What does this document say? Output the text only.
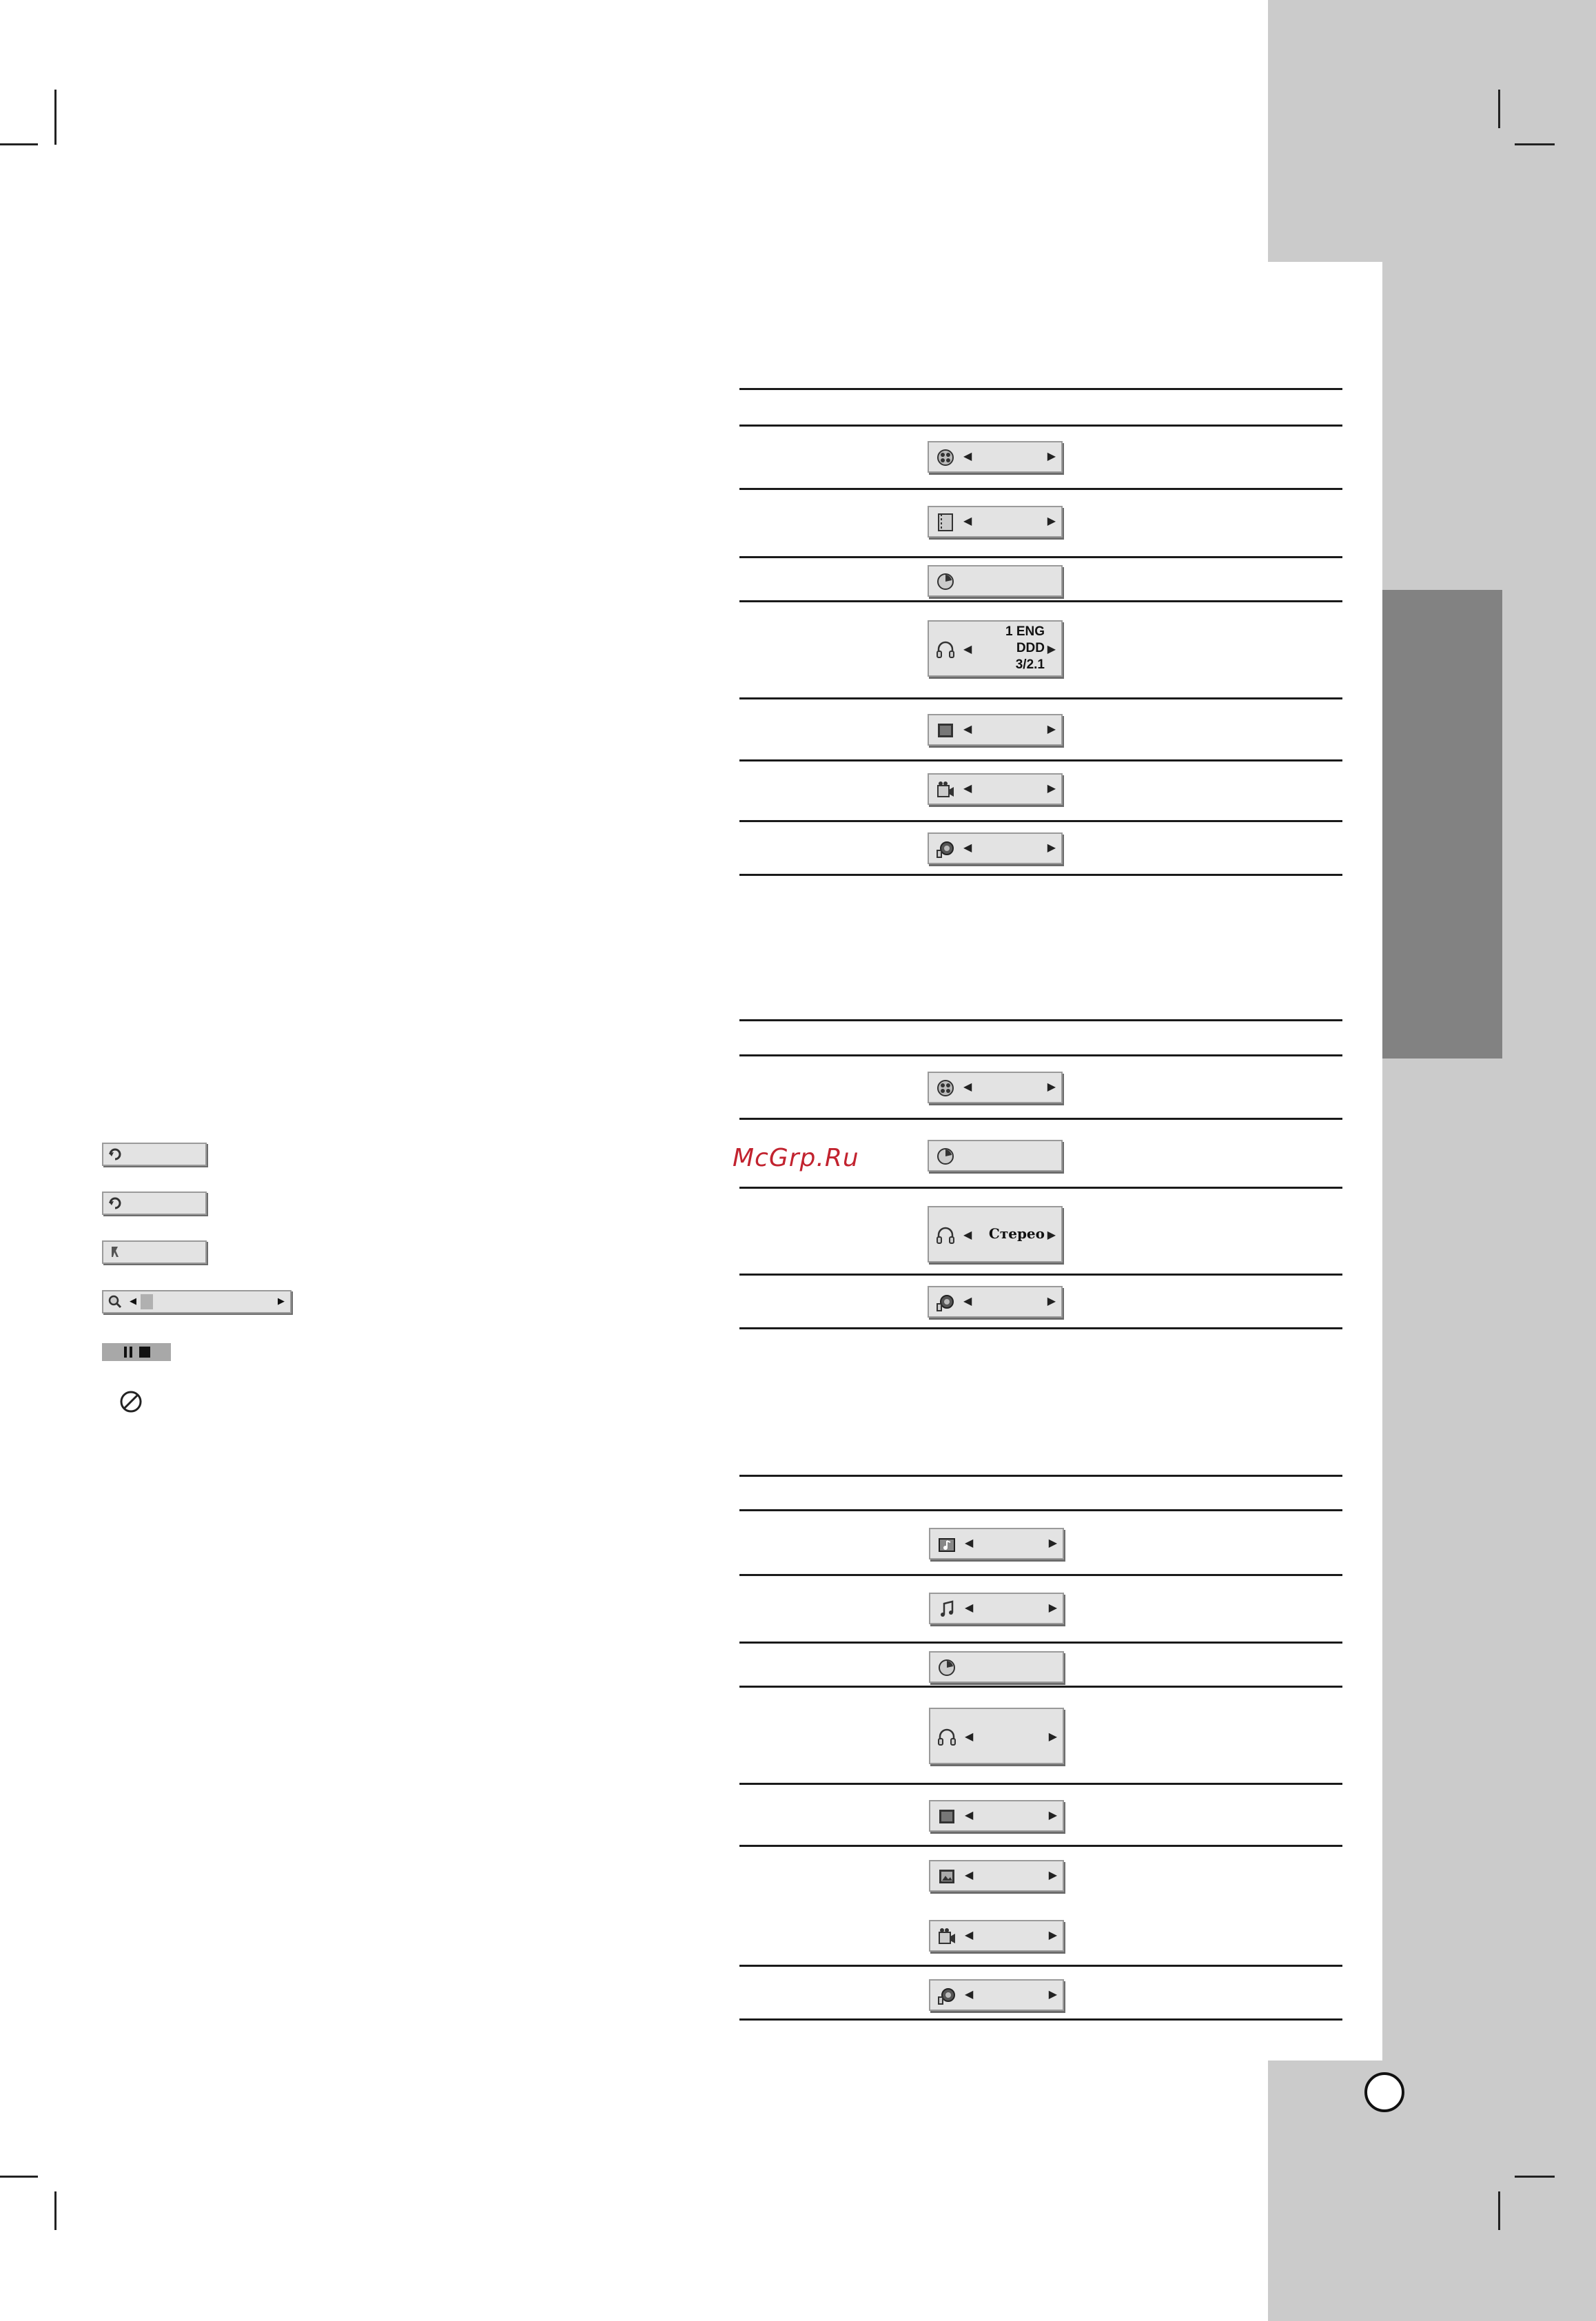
McGrp.Ru
◀	▶
◀	▶
◀
1 ENG
DDD
3/2.1
▶
◀	▶
◀	▶
◀	▶
◀	▶
◀	Стерео ▶
◀	▶
◀	▶
◀	▶
◀	▶
◀	▶
◀	▶
◀	▶
◀	▶
◀	▶
